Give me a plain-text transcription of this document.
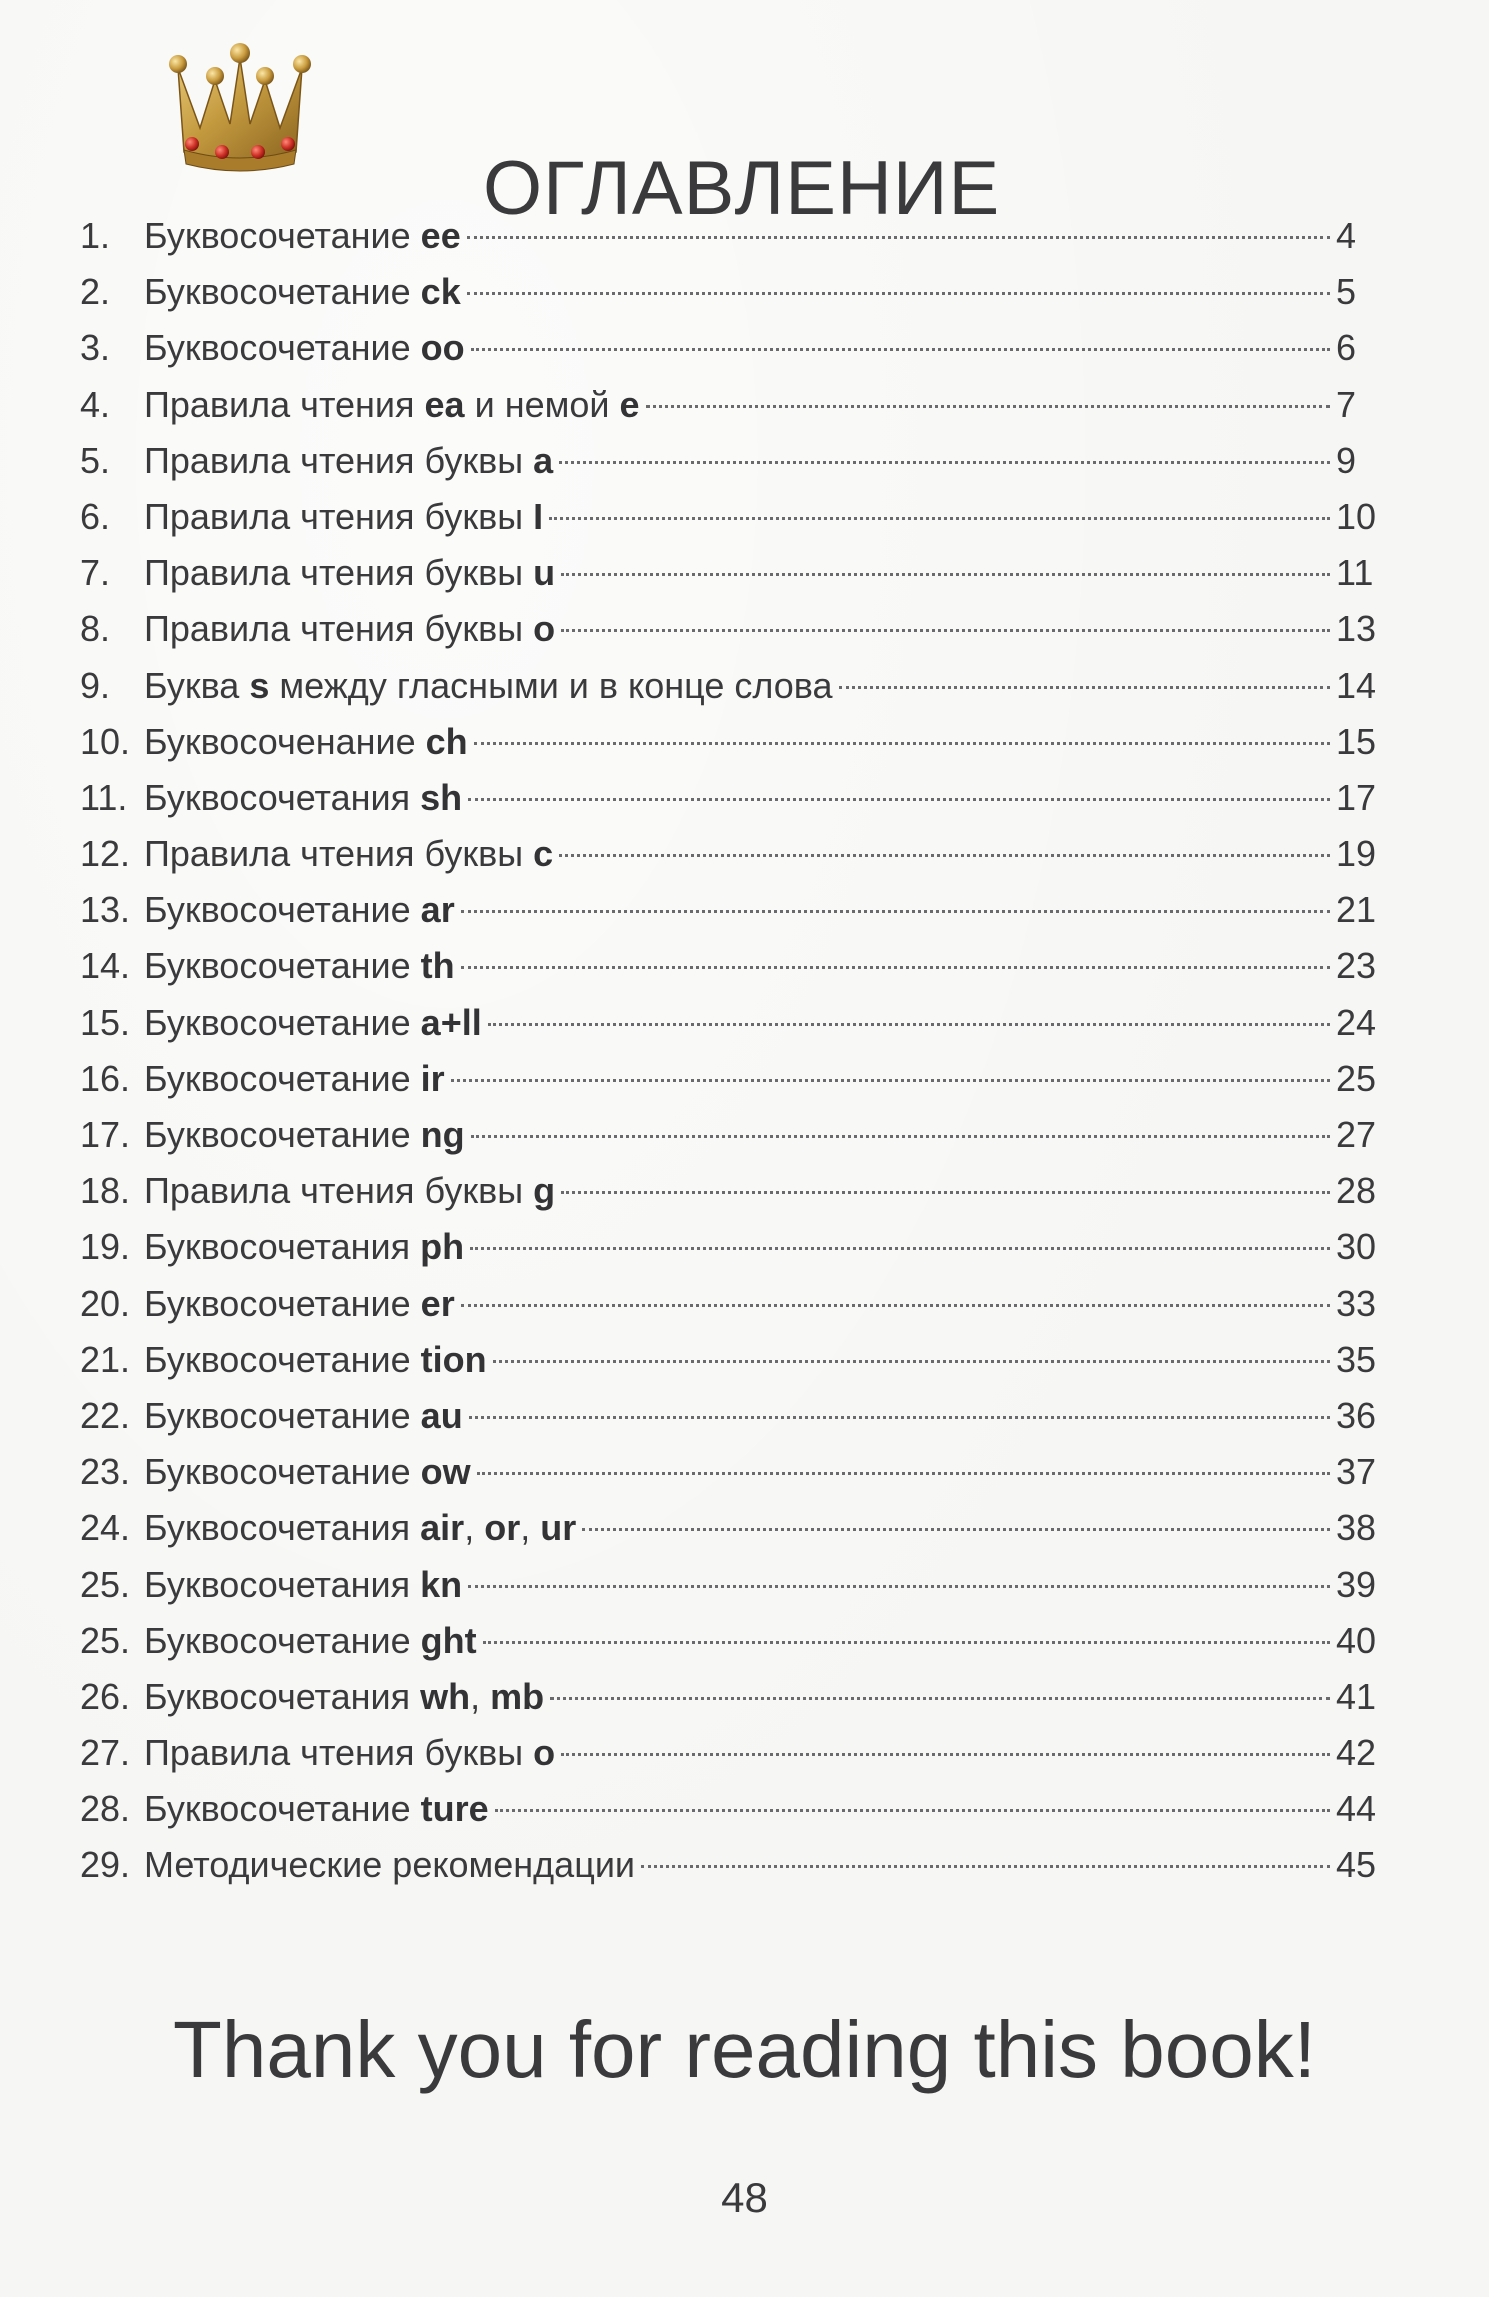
ОГЛАВЛЕНИЕ
1. Буквосочетание ee	4
2. Буквосочетание ck	5
3. Буквосочетание oo	6
4. Правила чтения ea и немой e	7
5. Правила чтения буквы a	9
6. Правила чтения буквы I	10
7. Правила чтения буквы u	11
8. Правила чтения буквы o	13
9. Буква s между гласными и в конце слова	14
10. Буквосоченание ch	15
11. Буквосочетания sh	17
12. Правила чтения буквы c	19
13. Буквосочетание ar	21
14. Буквосочетание th	23
15. Буквосочетание a+ll	24
16. Буквосочетание ir	25
17. Буквосочетание ng	27
18. Правила чтения буквы g	28
19. Буквосочетания ph	30
20. Буквосочетание er	33
21. Буквосочетание tion	35
22. Буквосочетание au	36
23. Буквосочетание ow	37
24. Буквосочетания air, or, ur	38
25. Буквосочетания kn	39
25. Буквосочетание ght	40
26. Буквосочетания wh, mb	41
27. Правила чтения буквы o	42
28. Буквосочетание ture	44
29. Методические рекомендации	45
Thank you for reading this book!
48
